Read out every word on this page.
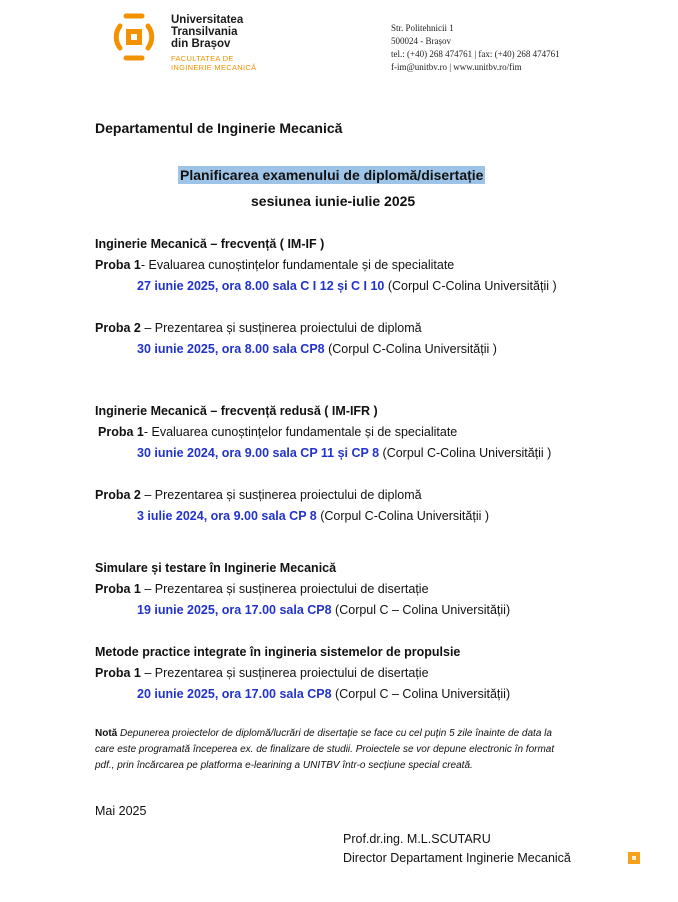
Universitatea
Transilvania
din Brașov
FACULTATEA DE
INGINERIE MECANICĂ
Str. Politehnicii 1
500024 - Brașov
tel.: (+40) 268 474761 | fax: (+40) 268 474761
f-im@unitbv.ro | www.unitbv.ro/fim
Departamentul de Inginerie Mecanică
Planificarea examenului de diplomă/disertație
sesiunea iunie-iulie 2025
Inginerie Mecanică – frecvență ( IM-IF )
Proba 1- Evaluarea cunoștințelor fundamentale și de specialitate
27 iunie 2025, ora 8.00 sala C I 12 și C I 10 (Corpul C-Colina Universității )
Proba 2 – Prezentarea și susținerea proiectului de diplomă
30 iunie 2025, ora 8.00 sala CP8 (Corpul C-Colina Universității )
Inginerie Mecanică – frecvență redusă ( IM-IFR )
Proba 1- Evaluarea cunoștințelor fundamentale și de specialitate
30 iunie 2024, ora 9.00 sala CP 11 și CP 8 (Corpul C-Colina Universității )
Proba 2 – Prezentarea și susținerea proiectului de diplomă
3 iulie 2024, ora 9.00 sala CP 8 (Corpul C-Colina Universității )
Simulare și testare în Inginerie Mecanică
Proba 1 – Prezentarea și susținerea proiectului de disertație
19 iunie 2025, ora 17.00 sala CP8 (Corpul C – Colina Universității)
Metode practice integrate în ingineria sistemelor de propulsie
Proba 1 – Prezentarea și susținerea proiectului de disertație
20 iunie 2025, ora 17.00 sala CP8 (Corpul C – Colina Universității)
Notă Depunerea proiectelor de diplomă/lucrări de disertație se face cu cel puțin 5 zile înainte de data la care este programată începerea ex. de finalizare de studii. Proiectele se vor depune electronic în format pdf., prin încărcarea pe platforma e-learining a UNITBV într-o secțiune special creată.
Mai 2025
Prof.dr.ing. M.L.SCUTARU
Director Departament Inginerie Mecanică
